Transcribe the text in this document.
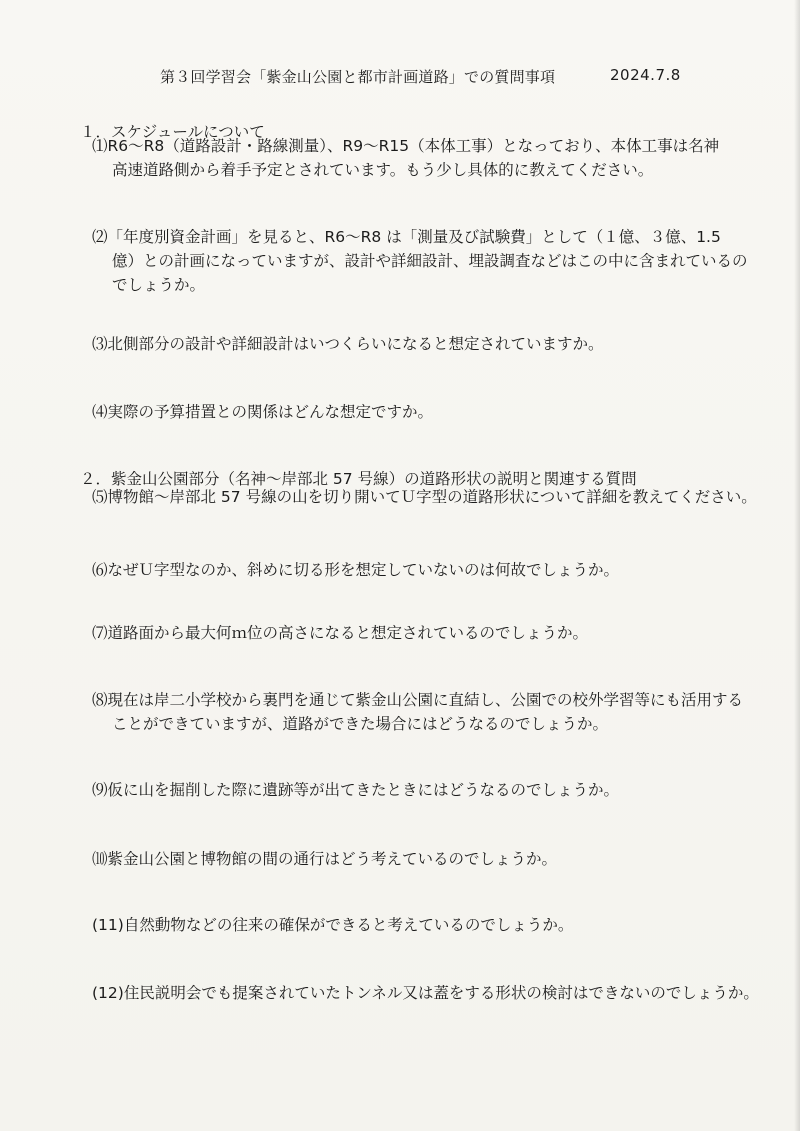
第３回学習会「紫金山公園と都市計画道路」での質問事項	2024.7.8
１．スケジュールについて
⑴R6～R8（道路設計・路線測量）、R9～R15（本体工事）となっており、本体工事は名神
高速道路側から着手予定とされています。もう少し具体的に教えてください。
⑵「年度別資金計画」を見ると、R6～R8 は「測量及び試験費」として（１億、３億、1.5
億）との計画になっていますが、設計や詳細設計、埋設調査などはこの中に含まれているの
でしょうか。
⑶北側部分の設計や詳細設計はいつくらいになると想定されていますか。
⑷実際の予算措置との関係はどんな想定ですか。
２．紫金山公園部分（名神～岸部北 57 号線）の道路形状の説明と関連する質問
⑸博物館～岸部北 57 号線の山を切り開いてＵ字型の道路形状について詳細を教えてください。
⑹なぜＵ字型なのか、斜めに切る形を想定していないのは何故でしょうか。
⑺道路面から最大何ｍ位の高さになると想定されているのでしょうか。
⑻現在は岸二小学校から裏門を通じて紫金山公園に直結し、公園での校外学習等にも活用する
ことができていますが、道路ができた場合にはどうなるのでしょうか。
⑼仮に山を掘削した際に遺跡等が出てきたときにはどうなるのでしょうか。
⑽紫金山公園と博物館の間の通行はどう考えているのでしょうか。
(11)自然動物などの往来の確保ができると考えているのでしょうか。
(12)住民説明会でも提案されていたトンネル又は蓋をする形状の検討はできないのでしょうか。
